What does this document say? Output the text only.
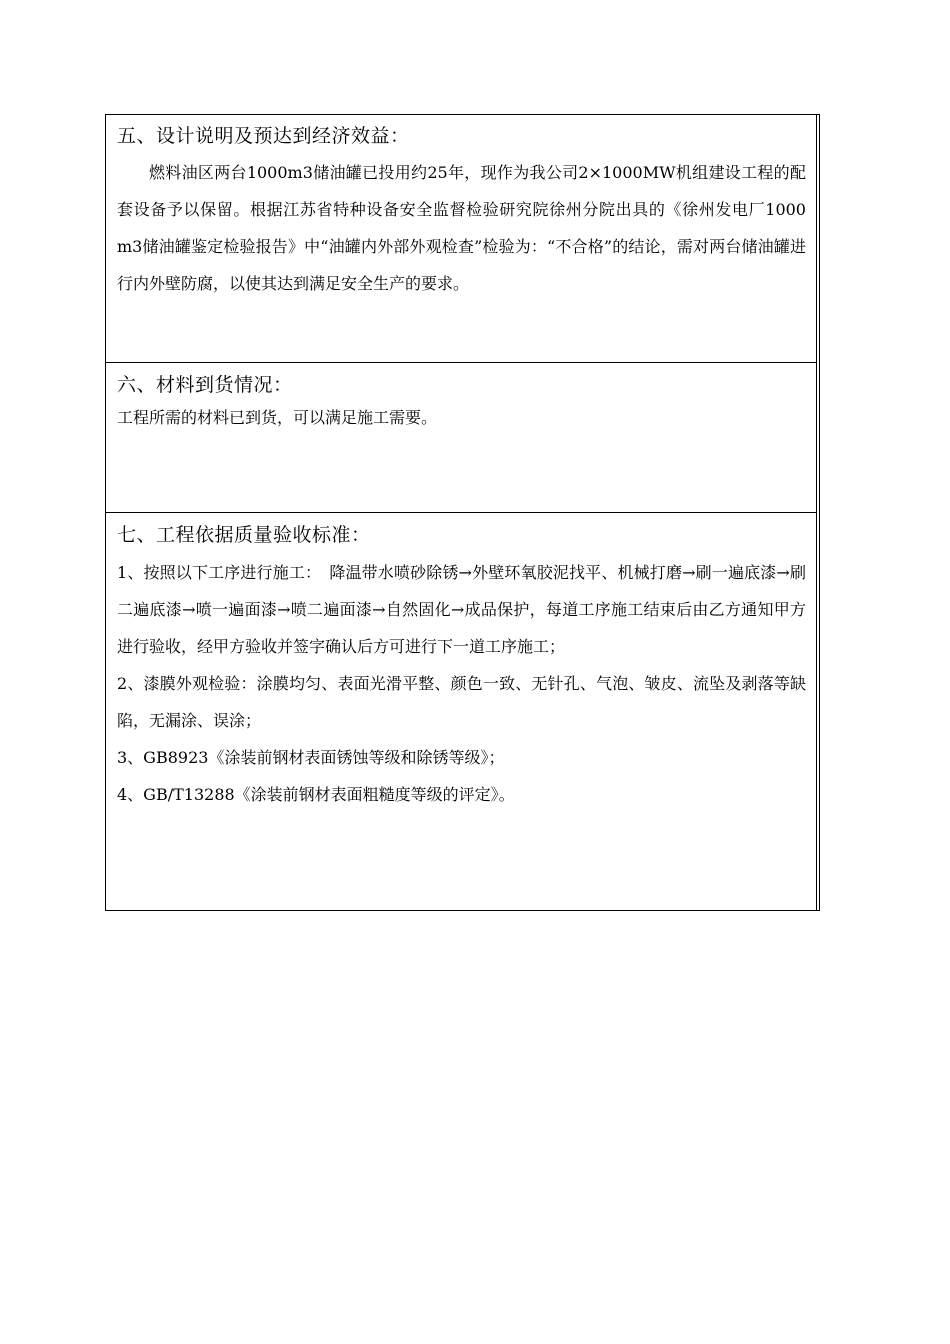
五、设计说明及预达到经济效益：

燃料油区两台1000m3储油罐已投用约25年，现作为我公司2×1000MW机组建设工程的配套设备予以保留。根据江苏省特种设备安全监督检验研究院徐州分院出具的《徐州发电厂1000 m3储油罐鉴定检验报告》中“油罐内外部外观检查”检验为：“不合格”的结论，需对两台储油罐进行内外壁防腐，以使其达到满足安全生产的要求。

六、材料到货情况：

工程所需的材料已到货，可以满足施工需要。

七、工程依据质量验收标准：

1、按照以下工序进行施工：　降温带水喷砂除锈→外壁环氧胶泥找平、机械打磨→刷一遍底漆→刷二遍底漆→喷一遍面漆→喷二遍面漆→自然固化→成品保护，每道工序施工结束后由乙方通知甲方进行验收，经甲方验收并签字确认后方可进行下一道工序施工；

2、漆膜外观检验：涂膜均匀、表面光滑平整、颜色一致、无针孔、气泡、皱皮、流坠及剥落等缺陷，无漏涂、误涂；

3、GB8923《涂装前钢材表面锈蚀等级和除锈等级》；

4、GB/T13288《涂装前钢材表面粗糙度等级的评定》。
